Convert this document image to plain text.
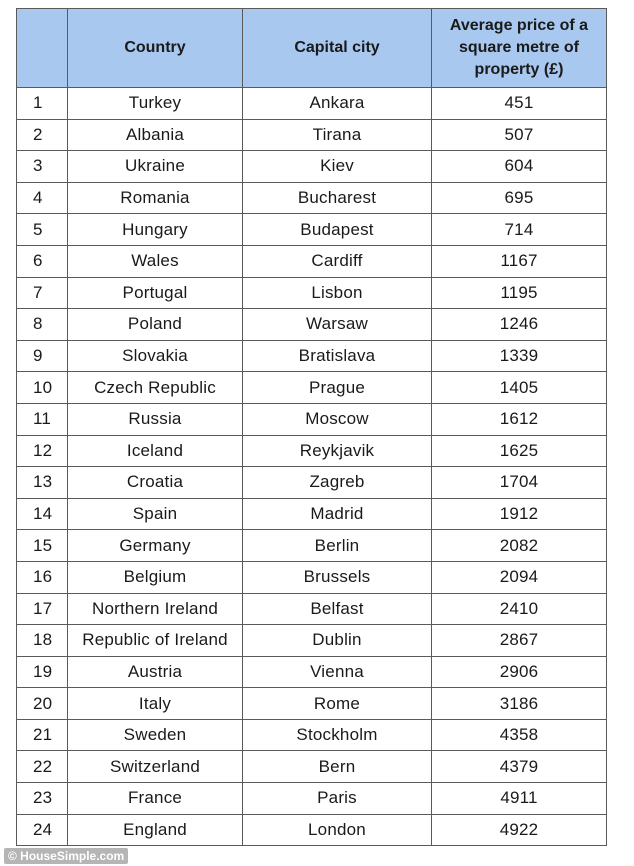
	Country	Capital city	Average price of a square metre of property (£)
1	Turkey	Ankara	451
2	Albania	Tirana	507
3	Ukraine	Kiev	604
4	Romania	Bucharest	695
5	Hungary	Budapest	714
6	Wales	Cardiff	1167
7	Portugal	Lisbon	1195
8	Poland	Warsaw	1246
9	Slovakia	Bratislava	1339
10	Czech Republic	Prague	1405
11	Russia	Moscow	1612
12	Iceland	Reykjavik	1625
13	Croatia	Zagreb	1704
14	Spain	Madrid	1912
15	Germany	Berlin	2082
16	Belgium	Brussels	2094
17	Northern Ireland	Belfast	2410
18	Republic of Ireland	Dublin	2867
19	Austria	Vienna	2906
20	Italy	Rome	3186
21	Sweden	Stockholm	4358
22	Switzerland	Bern	4379
23	France	Paris	4911
24	England	London	4922
© HouseSimple.com
